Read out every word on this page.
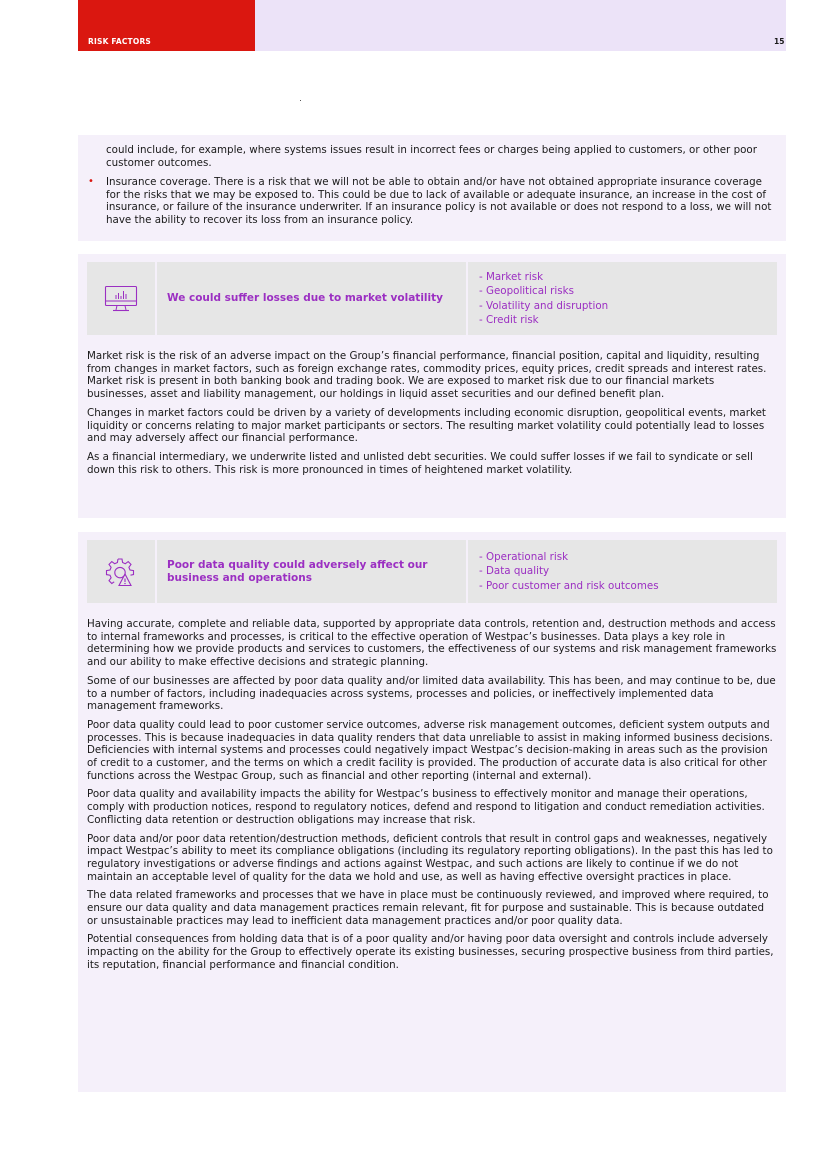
RISK FACTORS	15

could include, for example, where systems issues result in incorrect fees or charges being applied to customers, or other poor customer outcomes.

• Insurance coverage. There is a risk that we will not be able to obtain and/or have not obtained appropriate insurance coverage for the risks that we may be exposed to. This could be due to lack of available or adequate insurance, an increase in the cost of insurance, or failure of the insurance underwriter. If an insurance policy is not available or does not respond to a loss, we will not have the ability to recover its loss from an insurance policy.
We could suffer losses due to market volatility
- Market risk
- Geopolitical risks
- Volatility and disruption
- Credit risk

Market risk is the risk of an adverse impact on the Group’s financial performance, financial position, capital and liquidity, resulting from changes in market factors, such as foreign exchange rates, commodity prices, equity prices, credit spreads and interest rates. Market risk is present in both banking book and trading book. We are exposed to market risk due to our financial markets businesses, asset and liability management, our holdings in liquid asset securities and our defined benefit plan.

Changes in market factors could be driven by a variety of developments including economic disruption, geopolitical events, market liquidity or concerns relating to major market participants or sectors. The resulting market volatility could potentially lead to losses and may adversely affect our financial performance.

As a financial intermediary, we underwrite listed and unlisted debt securities. We could suffer losses if we fail to syndicate or sell down this risk to others. This risk is more pronounced in times of heightened market volatility.

Poor data quality could adversely affect our business and operations
- Operational risk
- Data quality
- Poor customer and risk outcomes

Having accurate, complete and reliable data, supported by appropriate data controls, retention and, destruction methods and access to internal frameworks and processes, is critical to the effective operation of Westpac’s businesses. Data plays a key role in determining how we provide products and services to customers, the effectiveness of our systems and risk management frameworks and our ability to make effective decisions and strategic planning.

Some of our businesses are affected by poor data quality and/or limited data availability. This has been, and may continue to be, due to a number of factors, including inadequacies across systems, processes and policies, or ineffectively implemented data management frameworks.

Poor data quality could lead to poor customer service outcomes, adverse risk management outcomes, deficient system outputs and processes. This is because inadequacies in data quality renders that data unreliable to assist in making informed business decisions. Deficiencies with internal systems and processes could negatively impact Westpac’s decision-making in areas such as the provision of credit to a customer, and the terms on which a credit facility is provided. The production of accurate data is also critical for other functions across the Westpac Group, such as financial and other reporting (internal and external).

Poor data quality and availability impacts the ability for Westpac’s business to effectively monitor and manage their operations, comply with production notices, respond to regulatory notices, defend and respond to litigation and conduct remediation activities. Conflicting data retention or destruction obligations may increase that risk.

Poor data and/or poor data retention/destruction methods, deficient controls that result in control gaps and weaknesses, negatively impact Westpac’s ability to meet its compliance obligations (including its regulatory reporting obligations). In the past this has led to regulatory investigations or adverse findings and actions against Westpac, and such actions are likely to continue if we do not maintain an acceptable level of quality for the data we hold and use, as well as having effective oversight practices in place.

The data related frameworks and processes that we have in place must be continuously reviewed, and improved where required, to ensure our data quality and data management practices remain relevant, fit for purpose and sustainable. This is because outdated or unsustainable practices may lead to inefficient data management practices and/or poor quality data.

Potential consequences from holding data that is of a poor quality and/or having poor data oversight and controls include adversely impacting on the ability for the Group to effectively operate its existing businesses, securing prospective business from third parties, its reputation, financial performance and financial condition.
